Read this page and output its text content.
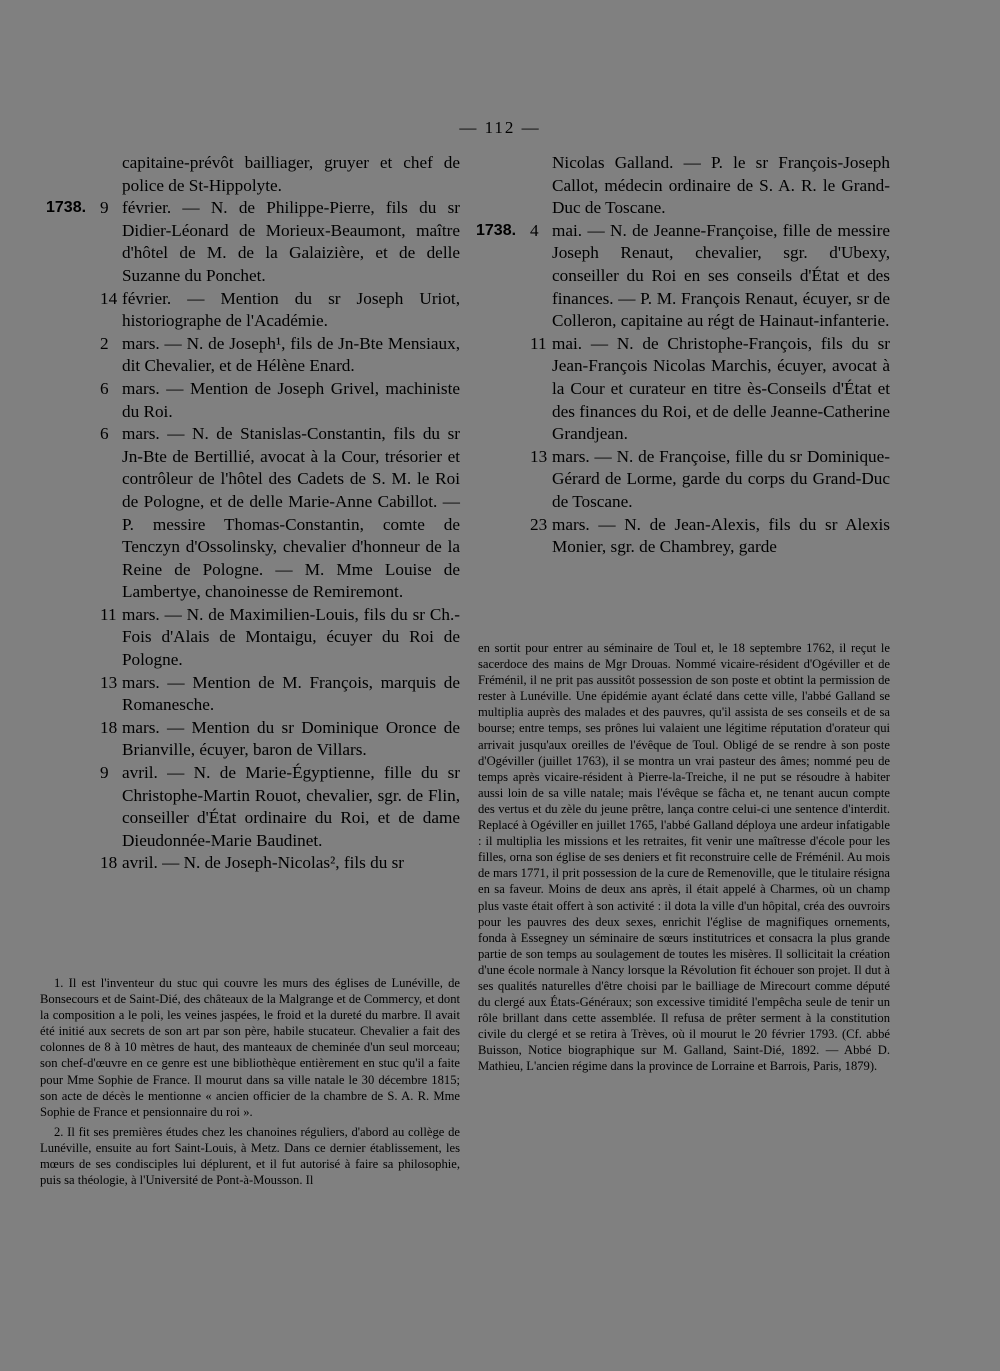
— 112 —
capitaine-prévôt bailliager, gruyer et chef de police de St-Hippolyte.
1738. 9 février. — N. de Philippe-Pierre, fils du sr Didier-Léonard de Morieux-Beaumont, maître d'hôtel de M. de la Galaizière, et de delle Suzanne du Ponchet.
14 février. — Mention du sr Joseph Uriot, historiographe de l'Académie.
2 mars. — N. de Joseph¹, fils de Jn-Bte Mensiaux, dit Chevalier, et de Hélène Enard.
6 mars. — Mention de Joseph Grivel, machiniste du Roi.
6 mars. — N. de Stanislas-Constantin, fils du sr Jn-Bte de Bertillié, avocat à la Cour, trésorier et contrôleur de l'hôtel des Cadets de S. M. le Roi de Pologne, et de delle Marie-Anne Cabillot. — P. messire Thomas-Constantin, comte de Tenczyn d'Ossolinsky, chevalier d'honneur de la Reine de Pologne. — M. Mme Louise de Lambertye, chanoinesse de Remiremont.
11 mars. — N. de Maximilien-Louis, fils du sr Ch.-Fois d'Alais de Montaigu, écuyer du Roi de Pologne.
13 mars. — Mention de M. François, marquis de Romanesche.
18 mars. — Mention du sr Dominique Oronce de Brianville, écuyer, baron de Villars.
9 avril. — N. de Marie-Égyptienne, fille du sr Christophe-Martin Rouot, chevalier, sgr. de Flin, conseiller d'État ordinaire du Roi, et de dame Dieudonnée-Marie Baudinet.
18 avril. — N. de Joseph-Nicolas², fils du sr
Nicolas Galland. — P. le sr François-Joseph Callot, médecin ordinaire de S. A. R. le Grand-Duc de Toscane.
1738. 4 mai. — N. de Jeanne-Françoise, fille de messire Joseph Renaut, chevalier, sgr. d'Ubexy, conseiller du Roi en ses conseils d'État et des finances. — P. M. François Renaut, écuyer, sr de Colleron, capitaine au régt de Hainaut-infanterie.
11 mai. — N. de Christophe-François, fils du sr Jean-François Nicolas Marchis, écuyer, avocat à la Cour et curateur en titre ès-Conseils d'État et des finances du Roi, et de delle Jeanne-Catherine Grandjean.
13 mars. — N. de Françoise, fille du sr Dominique-Gérard de Lorme, garde du corps du Grand-Duc de Toscane.
23 mars. — N. de Jean-Alexis, fils du sr Alexis Monier, sgr. de Chambrey, garde

1. Il est l'inventeur du stuc qui couvre les murs des églises de Lunéville, de Bonsecours et de Saint-Dié, des châteaux de la Malgrange et de Commercy, et dont la composition a le poli, les veines jaspées, le froid et la dureté du marbre. Il avait été initié aux secrets de son art par son père, habile stucateur. Chevalier a fait des colonnes de 8 à 10 mètres de haut, des manteaux de cheminée d'un seul morceau; son chef-d'œuvre en ce genre est une bibliothèque entièrement en stuc qu'il a faite pour Mme Sophie de France. Il mourut dans sa ville natale le 30 décembre 1815; son acte de décès le mentionne « ancien officier de la chambre de S. A. R. Mme Sophie de France et pensionnaire du roi ».

2. Il fit ses premières études chez les chanoines réguliers, d'abord au collège de Lunéville, ensuite au fort Saint-Louis, à Metz. Dans ce dernier établissement, les mœurs de ses condisciples lui déplurent, et il fut autorisé à faire sa philosophie, puis sa théologie, à l'Université de Pont-à-Mousson. Il

en sortit pour entrer au séminaire de Toul et, le 18 septembre 1762, il reçut le sacerdoce des mains de Mgr Drouas. Nommé vicaire-résident d'Ogéviller et de Fréménil, il ne prit pas aussitôt possession de son poste et obtint la permission de rester à Lunéville. Une épidémie ayant éclaté dans cette ville, l'abbé Galland se multiplia auprès des malades et des pauvres, qu'il assista de ses conseils et de sa bourse; entre temps, ses prônes lui valaient une légitime réputation d'orateur qui arrivait jusqu'aux oreilles de l'évêque de Toul. Obligé de se rendre à son poste d'Ogéviller (juillet 1763), il se montra un vrai pasteur des âmes; nommé peu de temps après vicaire-résident à Pierre-la-Treiche, il ne put se résoudre à habiter aussi loin de sa ville natale; mais l'évêque se fâcha et, ne tenant aucun compte des vertus et du zèle du jeune prêtre, lança contre celui-ci une sentence d'interdit. Replacé à Ogéviller en juillet 1765, l'abbé Galland déploya une ardeur infatigable : il multiplia les missions et les retraites, fit venir une maîtresse d'école pour les filles, orna son église de ses deniers et fit reconstruire celle de Fréménil. Au mois de mars 1771, il prit possession de la cure de Remenoville, que le titulaire résigna en sa faveur. Moins de deux ans après, il était appelé à Charmes, où un champ plus vaste était offert à son activité : il dota la ville d'un hôpital, créa des ouvroirs pour les pauvres des deux sexes, enrichit l'église de magnifiques ornements, fonda à Essegney un séminaire de sœurs institutrices et consacra la plus grande partie de son temps au soulagement de toutes les misères. Il sollicitait la création d'une école normale à Nancy lorsque la Révolution fit échouer son projet. Il dut à ses qualités naturelles d'être choisi par le bailliage de Mirecourt comme député du clergé aux États-Généraux; son excessive timidité l'empêcha seule de tenir un rôle brillant dans cette assemblée. Il refusa de prêter serment à la constitution civile du clergé et se retira à Trèves, où il mourut le 20 février 1793. (Cf. abbé Buisson, Notice biographique sur M. Galland, Saint-Dié, 1892. — Abbé D. Mathieu, L'ancien régime dans la province de Lorraine et Barrois, Paris, 1879).
